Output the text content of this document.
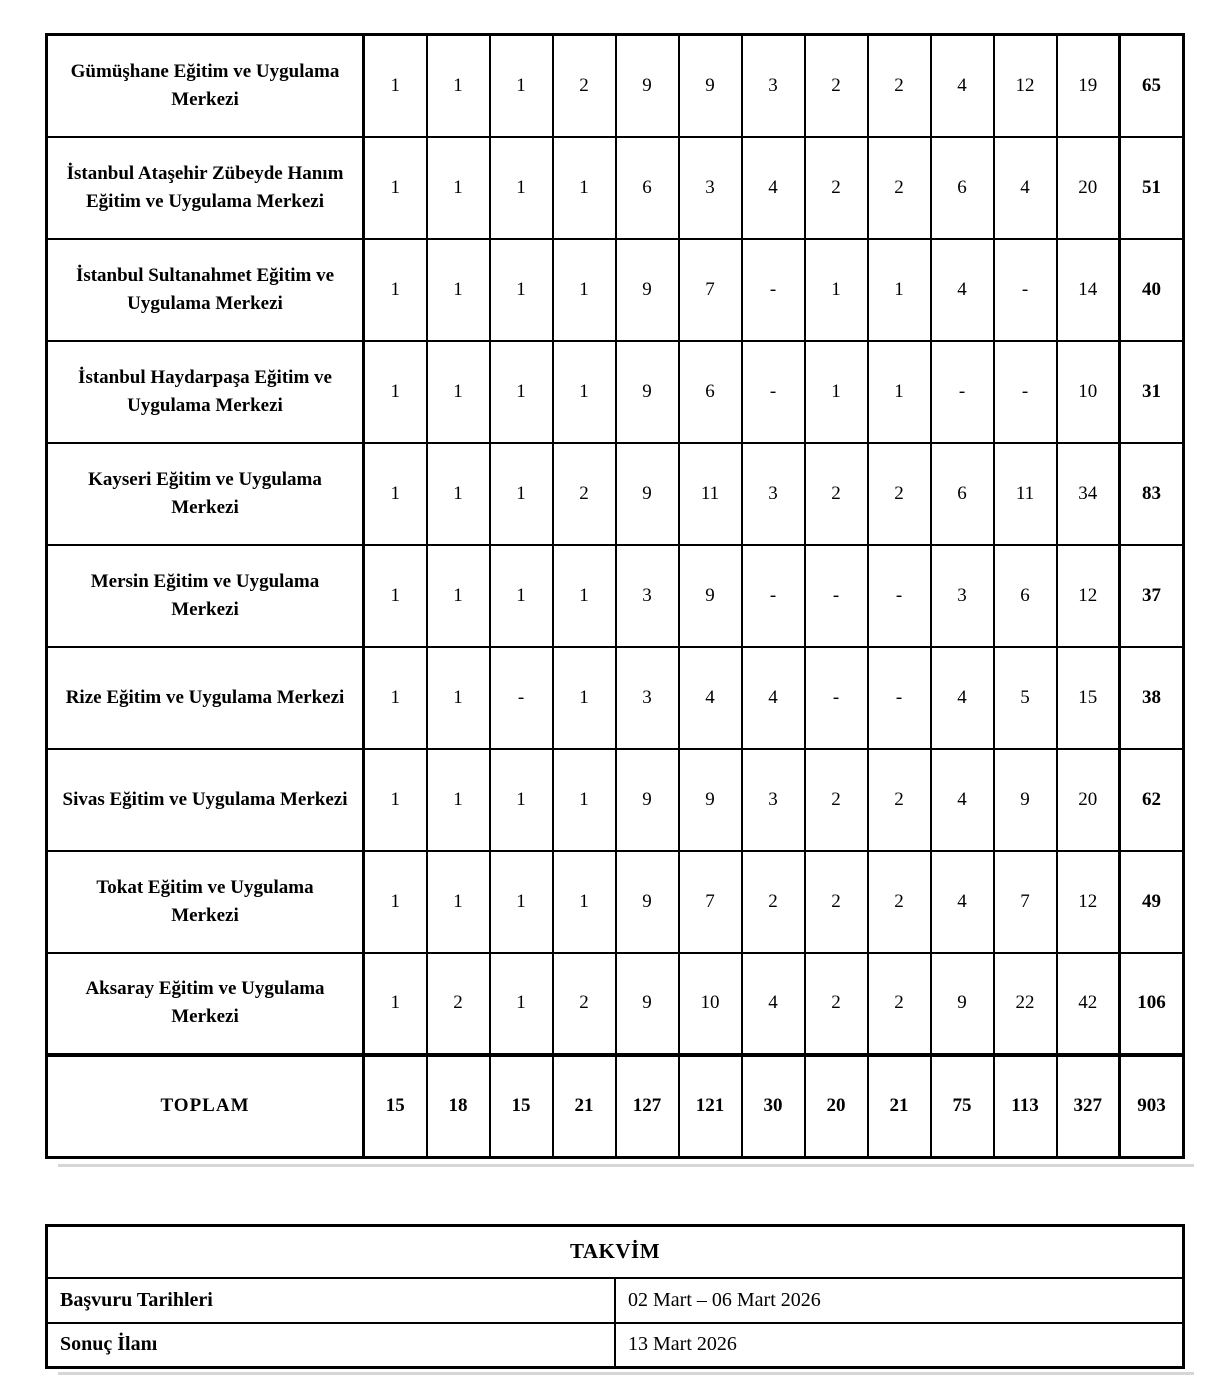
Gümüşhane Eğitim ve Uygulama Merkezi	1	1	1	2	9	9	3	2	2	4	12	19	65
İstanbul Ataşehir Zübeyde Hanım Eğitim ve Uygulama Merkezi	1	1	1	1	6	3	4	2	2	6	4	20	51
İstanbul Sultanahmet Eğitim ve Uygulama Merkezi	1	1	1	1	9	7	-	1	1	4	-	14	40
İstanbul Haydarpaşa Eğitim ve Uygulama Merkezi	1	1	1	1	9	6	-	1	1	-	-	10	31
Kayseri Eğitim ve Uygulama Merkezi	1	1	1	2	9	11	3	2	2	6	11	34	83
Mersin Eğitim ve Uygulama Merkezi	1	1	1	1	3	9	-	-	-	3	6	12	37
Rize Eğitim ve Uygulama Merkezi	1	1	-	1	3	4	4	-	-	4	5	15	38
Sivas Eğitim ve Uygulama Merkezi	1	1	1	1	9	9	3	2	2	4	9	20	62
Tokat Eğitim ve Uygulama Merkezi	1	1	1	1	9	7	2	2	2	4	7	12	49
Aksaray Eğitim ve Uygulama Merkezi	1	2	1	2	9	10	4	2	2	9	22	42	106
TOPLAM	15	18	15	21	127	121	30	20	21	75	113	327	903
TAKVİM	
Başvuru Tarihleri	02 Mart – 06 Mart 2026
Sonuç İlanı	13 Mart 2026
